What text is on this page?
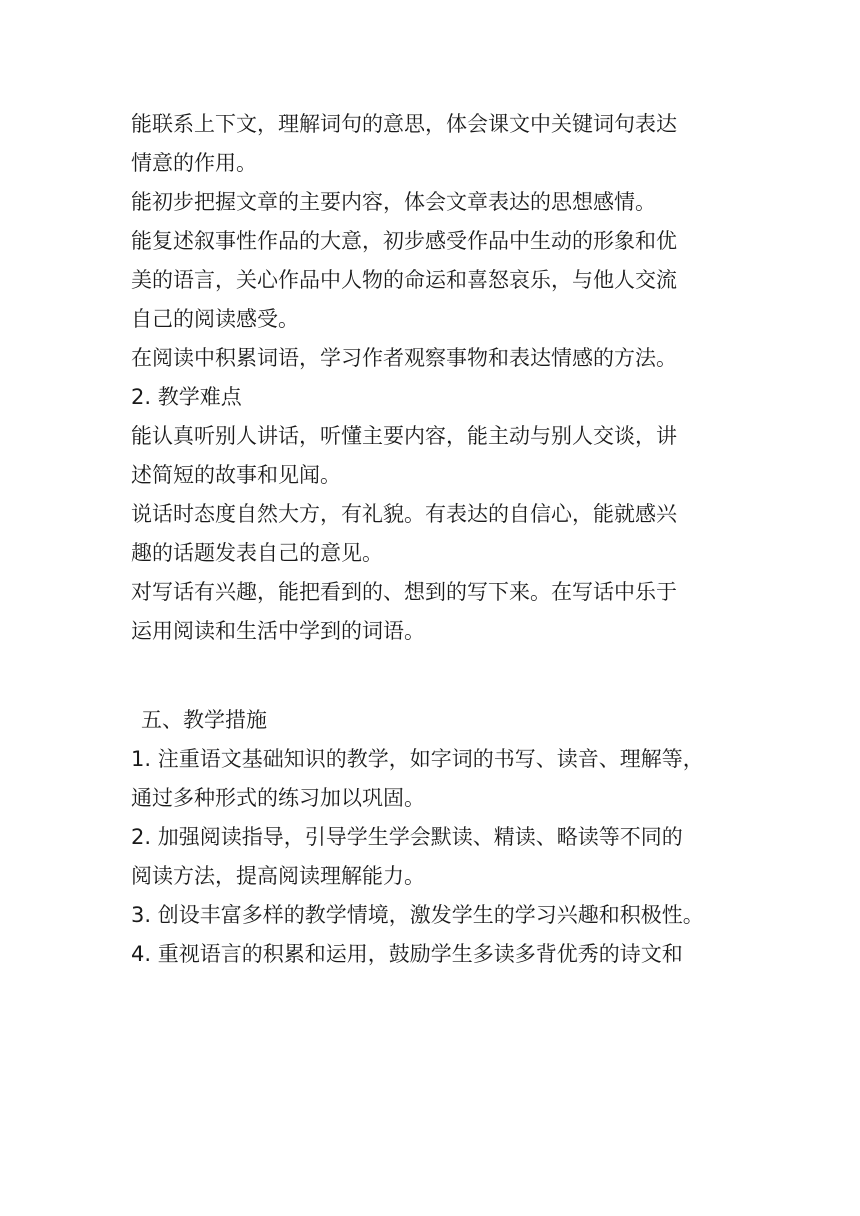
能联系上下文，理解词句的意思，体会课文中关键词句表达
情意的作用。
能初步把握文章的主要内容，体会文章表达的思想感情。
能复述叙事性作品的大意，初步感受作品中生动的形象和优
美的语言，关心作品中人物的命运和喜怒哀乐，与他人交流
自己的阅读感受。
在阅读中积累词语，学习作者观察事物和表达情感的方法。
2. 教学难点
能认真听别人讲话，听懂主要内容，能主动与别人交谈，讲
述简短的故事和见闻。
说话时态度自然大方，有礼貌。有表达的自信心，能就感兴
趣的话题发表自己的意见。
对写话有兴趣，能把看到的、想到的写下来。在写话中乐于
运用阅读和生活中学到的词语。
五、教学措施
1. 注重语文基础知识的教学，如字词的书写、读音、理解等，
通过多种形式的练习加以巩固。
2. 加强阅读指导，引导学生学会默读、精读、略读等不同的
阅读方法，提高阅读理解能力。
3. 创设丰富多样的教学情境，激发学生的学习兴趣和积极性。
4. 重视语言的积累和运用，鼓励学生多读多背优秀的诗文和
